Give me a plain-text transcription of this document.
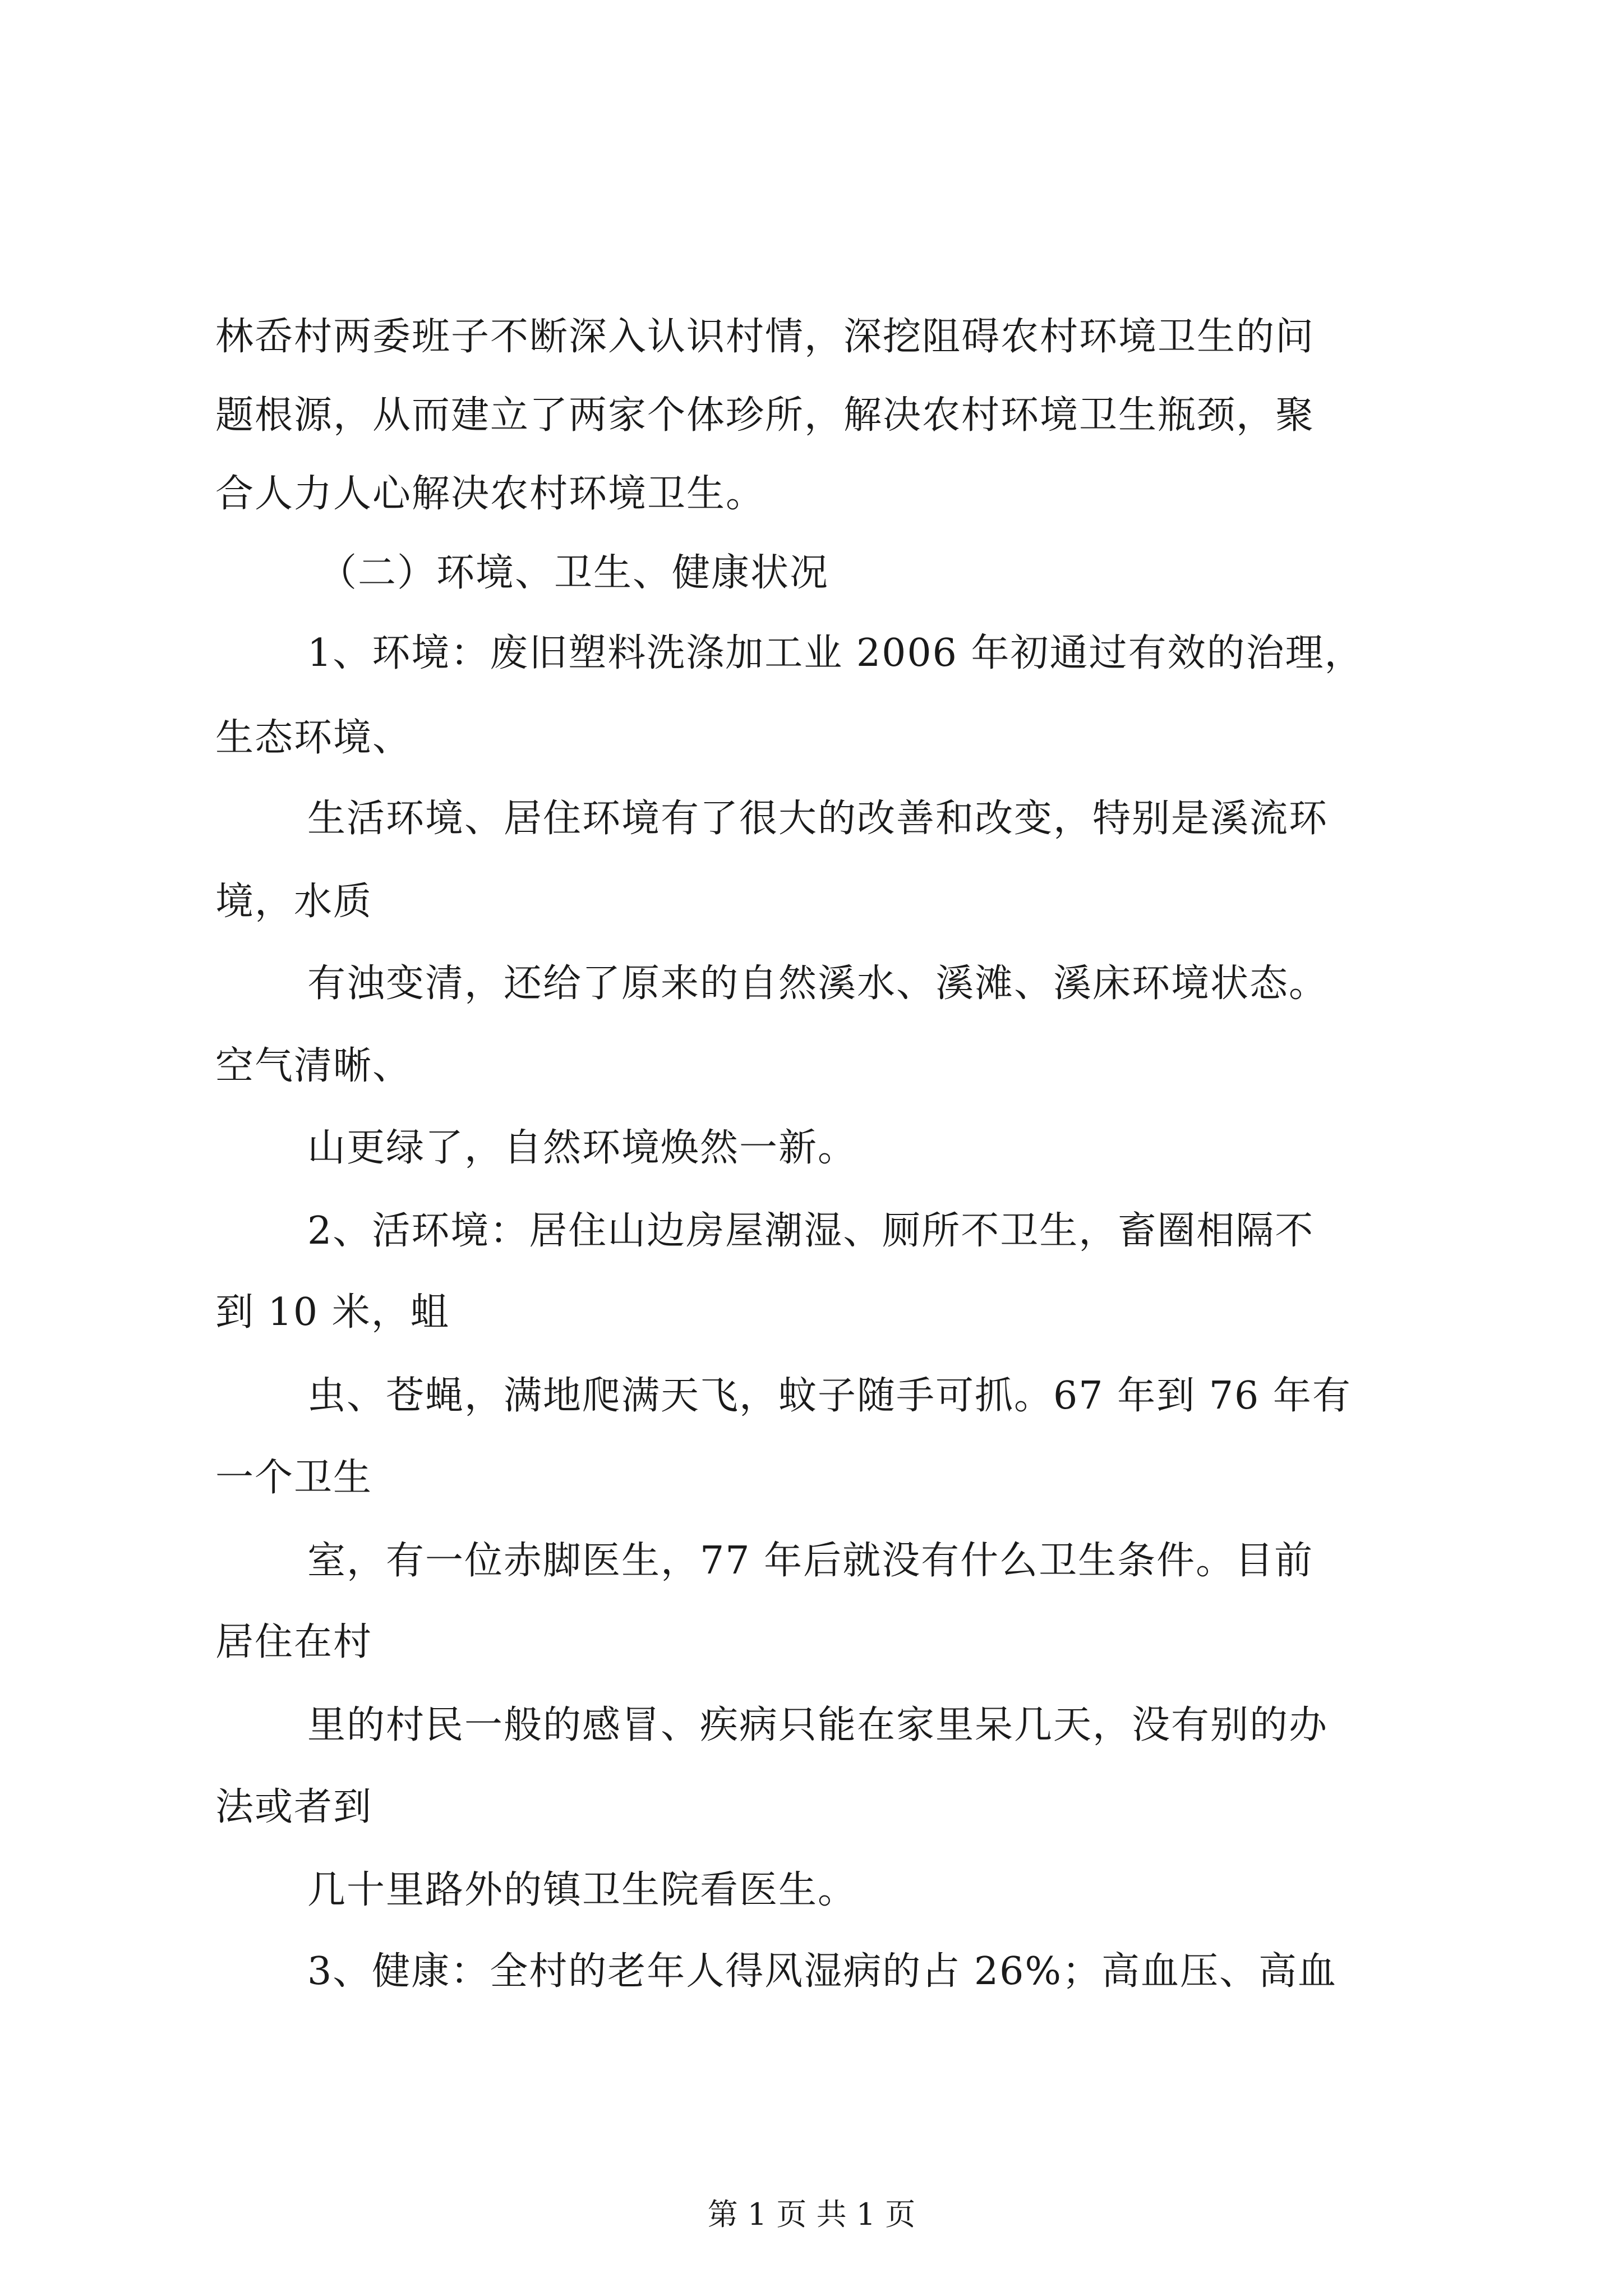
林岙村两委班子不断深入认识村情，深挖阻碍农村环境卫生的问
题根源，从而建立了两家个体珍所，解决农村环境卫生瓶颈，聚
合人力人心解决农村环境卫生。
（二）环境、卫生、健康状况
1、环境：废旧塑料洗涤加工业 2006 年初通过有效的治理，
生态环境、
生活环境、居住环境有了很大的改善和改变，特别是溪流环
境，水质
有浊变清，还给了原来的自然溪水、溪滩、溪床环境状态。
空气清晰、
山更绿了，自然环境焕然一新。
2、活环境：居住山边房屋潮湿、厕所不卫生，畜圈相隔不
到 10 米，蛆
虫、苍蝇，满地爬满天飞，蚊子随手可抓。67 年到 76 年有
一个卫生
室，有一位赤脚医生，77 年后就没有什么卫生条件。目前
居住在村
里的村民一般的感冒、疾病只能在家里呆几天，没有别的办
法或者到
几十里路外的镇卫生院看医生。
3、健康：全村的老年人得风湿病的占 26%；高血压、高血
第 1 页 共 1 页
